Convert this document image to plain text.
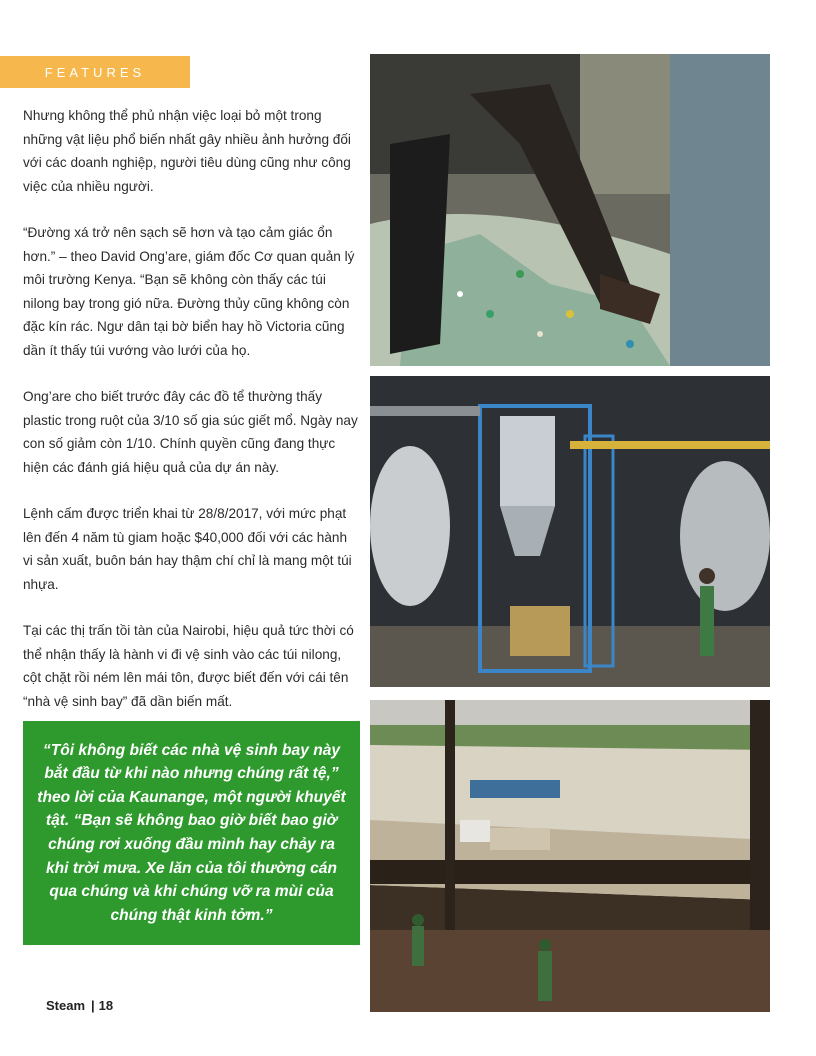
FEATURES

Nhưng không thể phủ nhận việc loại bỏ một trong những vật liệu phổ biến nhất gây nhiều ảnh hưởng đối với các doanh nghiệp, người tiêu dùng cũng như công việc của nhiều người.

“Đường xá trở nên sạch sẽ hơn và tạo cảm giác ổn hơn.” – theo David Ong’are, giám đốc Cơ quan quản lý môi trường Kenya. “Bạn sẽ không còn thấy các túi nilong bay trong gió nữa. Đường thủy cũng không còn đặc kín rác. Ngư dân tại bờ biển hay hồ Victoria cũng dần ít thấy túi vướng vào lưới của họ.

Ong’are cho biết trước đây các đồ tể thường thấy plastic trong ruột của 3/10 số gia súc giết mổ. Ngày nay con số giảm còn 1/10. Chính quyền cũng đang thực hiện các đánh giá hiệu quả của dự án này.

Lệnh cấm được triển khai từ 28/8/2017, với mức phạt lên đến 4 năm tù giam hoặc $40,000 đối với các hành vi sản xuất, buôn bán hay thậm chí chỉ là mang một túi nhựa.

Tại các thị trấn tồi tàn của Nairobi, hiệu quả tức thời có thể nhận thấy là hành vi đi vệ sinh vào các túi nilong, cột chặt rồi ném lên mái tôn, được biết đến với cái tên “nhà vệ sinh bay” đã dần biến mất.

“Tôi không biết các nhà vệ sinh bay này bắt đầu từ khi nào nhưng chúng rất tệ,” theo lời của Kaunange, một người khuyết tật. “Bạn sẽ không bao giờ biết bao giờ chúng rơi xuống đầu mình hay chảy ra khi trời mưa. Xe lăn của tôi thường cán qua chúng và khi chúng vỡ ra mùi của chúng thật kinh tởm.”
Steam | 18
